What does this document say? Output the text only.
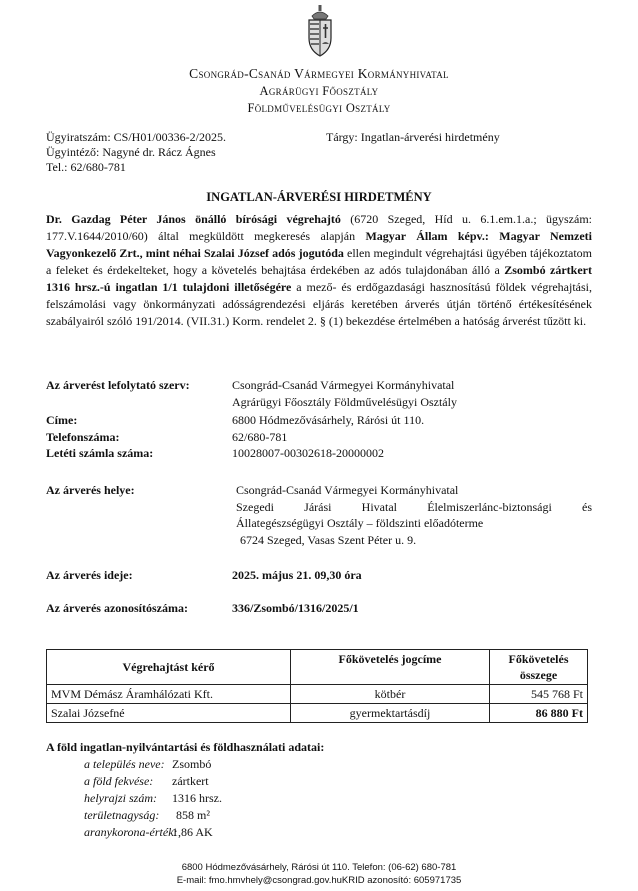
Csongrád-Csanád Vármegyei Kormányhivatal
Agrárügyi Főosztály
Földművelésügyi Osztály
Ügyiratszám: CS/H01/00336-2/2025.
Ügyintéző: Nagyné dr. Rácz Ágnes
Tel.: 62/680-781
Tárgy: Ingatlan-árverési hirdetmény
INGATLAN-ÁRVERÉSI HIRDETMÉNY
Dr. Gazdag Péter János önálló bírósági végrehajtó (6720 Szeged, Híd u. 6.1.em.1.a.; ügyszám: 177.V.1644/2010/60) által megküldött megkeresés alapján Magyar Állam képv.: Magyar Nemzeti Vagyonkezelő Zrt., mint néhai Szalai József adós jogutóda ellen megindult végrehajtási ügyében tájékoztatom a feleket és érdekelteket, hogy a követelés behajtása érdekében az adós tulajdonában álló a Zsombó zártkert 1316 hrsz.-ú ingatlan 1/1 tulajdoni illetőségére a mező- és erdőgazdasági hasznosítású földek végrehajtási, felszámolási vagy önkormányzati adósságrendezési eljárás keretében árverés útján történő értékesítésének szabályairól szóló 191/2014. (VII.31.) Korm. rendelet 2. § (1) bekezdése értelmében a hatóság árverést tűzött ki.
Az árverést lefolytató szerv:	Csongrád-Csanád Vármegyei Kormányhivatal
Agrárügyi Főosztály Földművelésügyi Osztály
Címe:	6800 Hódmezővásárhely, Rárósi út 110.
Telefonszáma:	62/680-781
Letéti számla száma:	10028007-00302618-20000002
Az árverés helye:	Csongrád-Csanád Vármegyei Kormányhivatal
Szegedi Járási Hivatal Élelmiszerlánc-biztonsági és
Állategészségügyi Osztály – földszinti előadóterme
6724 Szeged, Vasas Szent Péter u. 9.
Az árverés ideje:	2025. május 21. 09,30 óra
Az árverés azonosítószáma:	336/Zsombó/1316/2025/1
Végrehajtást kérő	Főkövetelés jogcíme	Főkövetelés összege
MVM Démász Áramhálózati Kft.	kötbér	545 768 Ft
Szalai Józsefné	gyermektartásdíj	86 880 Ft
A föld ingatlan-nyilvántartási és földhasználati adatai:
a település neve: Zsombó
a föld fekvése: zártkert
helyrajzi szám: 1316 hrsz.
területnagyság: 858 m²
aranykorona-érték:
1,86 AK
6800 Hódmezővásárhely, Rárósi út 110. Telefon: (06-62) 680-781
E-mail: fmo.hmvhely@csongrad.gov.huKRID azonosító: 605971735
